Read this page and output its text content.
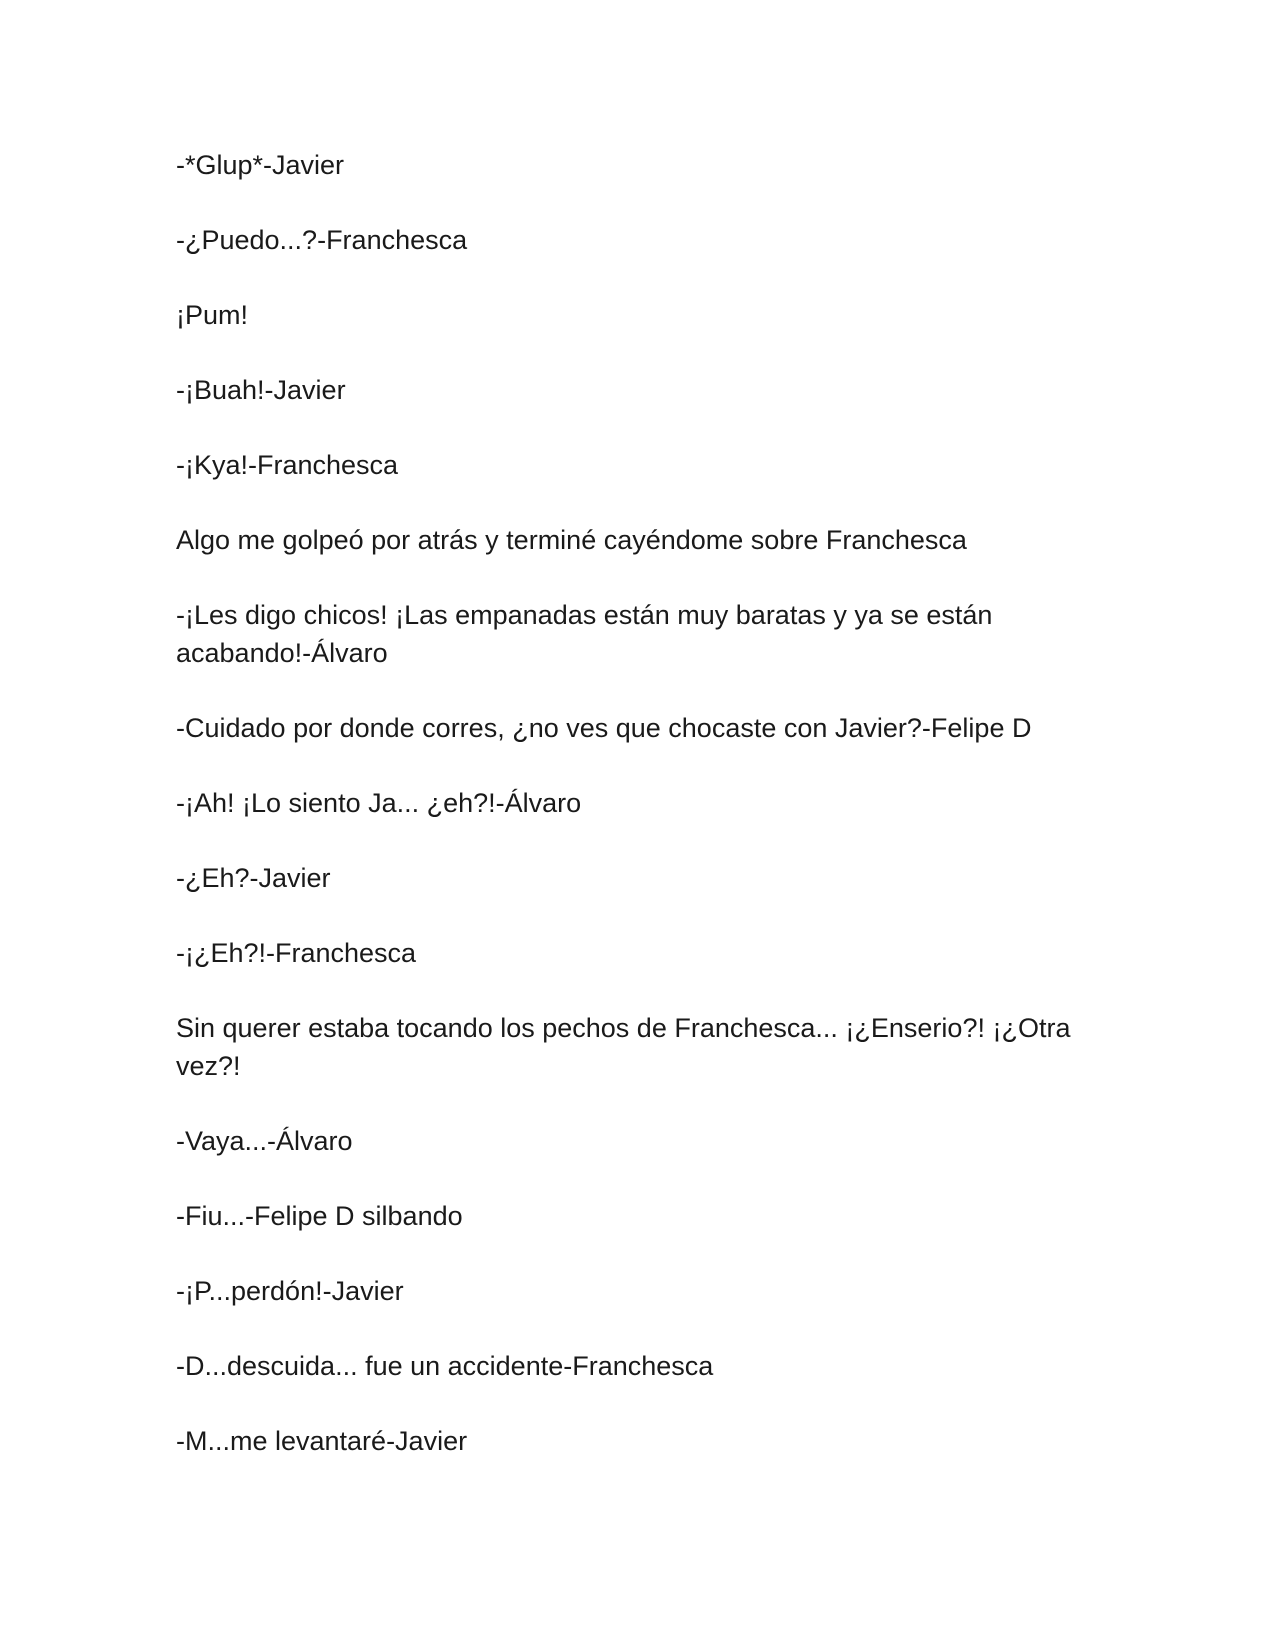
-*Glup*-Javier

-¿Puedo...?-Franchesca

¡Pum!

-¡Buah!-Javier

-¡Kya!-Franchesca

Algo me golpeó por atrás y terminé cayéndome sobre Franchesca

-¡Les digo chicos! ¡Las empanadas están muy baratas y ya se están acabando!-Álvaro

-Cuidado por donde corres, ¿no ves que chocaste con Javier?-Felipe D

-¡Ah! ¡Lo siento Ja... ¿eh?!-Álvaro

-¿Eh?-Javier

-¡¿Eh?!-Franchesca

Sin querer estaba tocando los pechos de Franchesca... ¡¿Enserio?! ¡¿Otra vez?!

-Vaya...-Álvaro

-Fiu...-Felipe D silbando

-¡P...perdón!-Javier

-D...descuida... fue un accidente-Franchesca

-M...me levantaré-Javier
